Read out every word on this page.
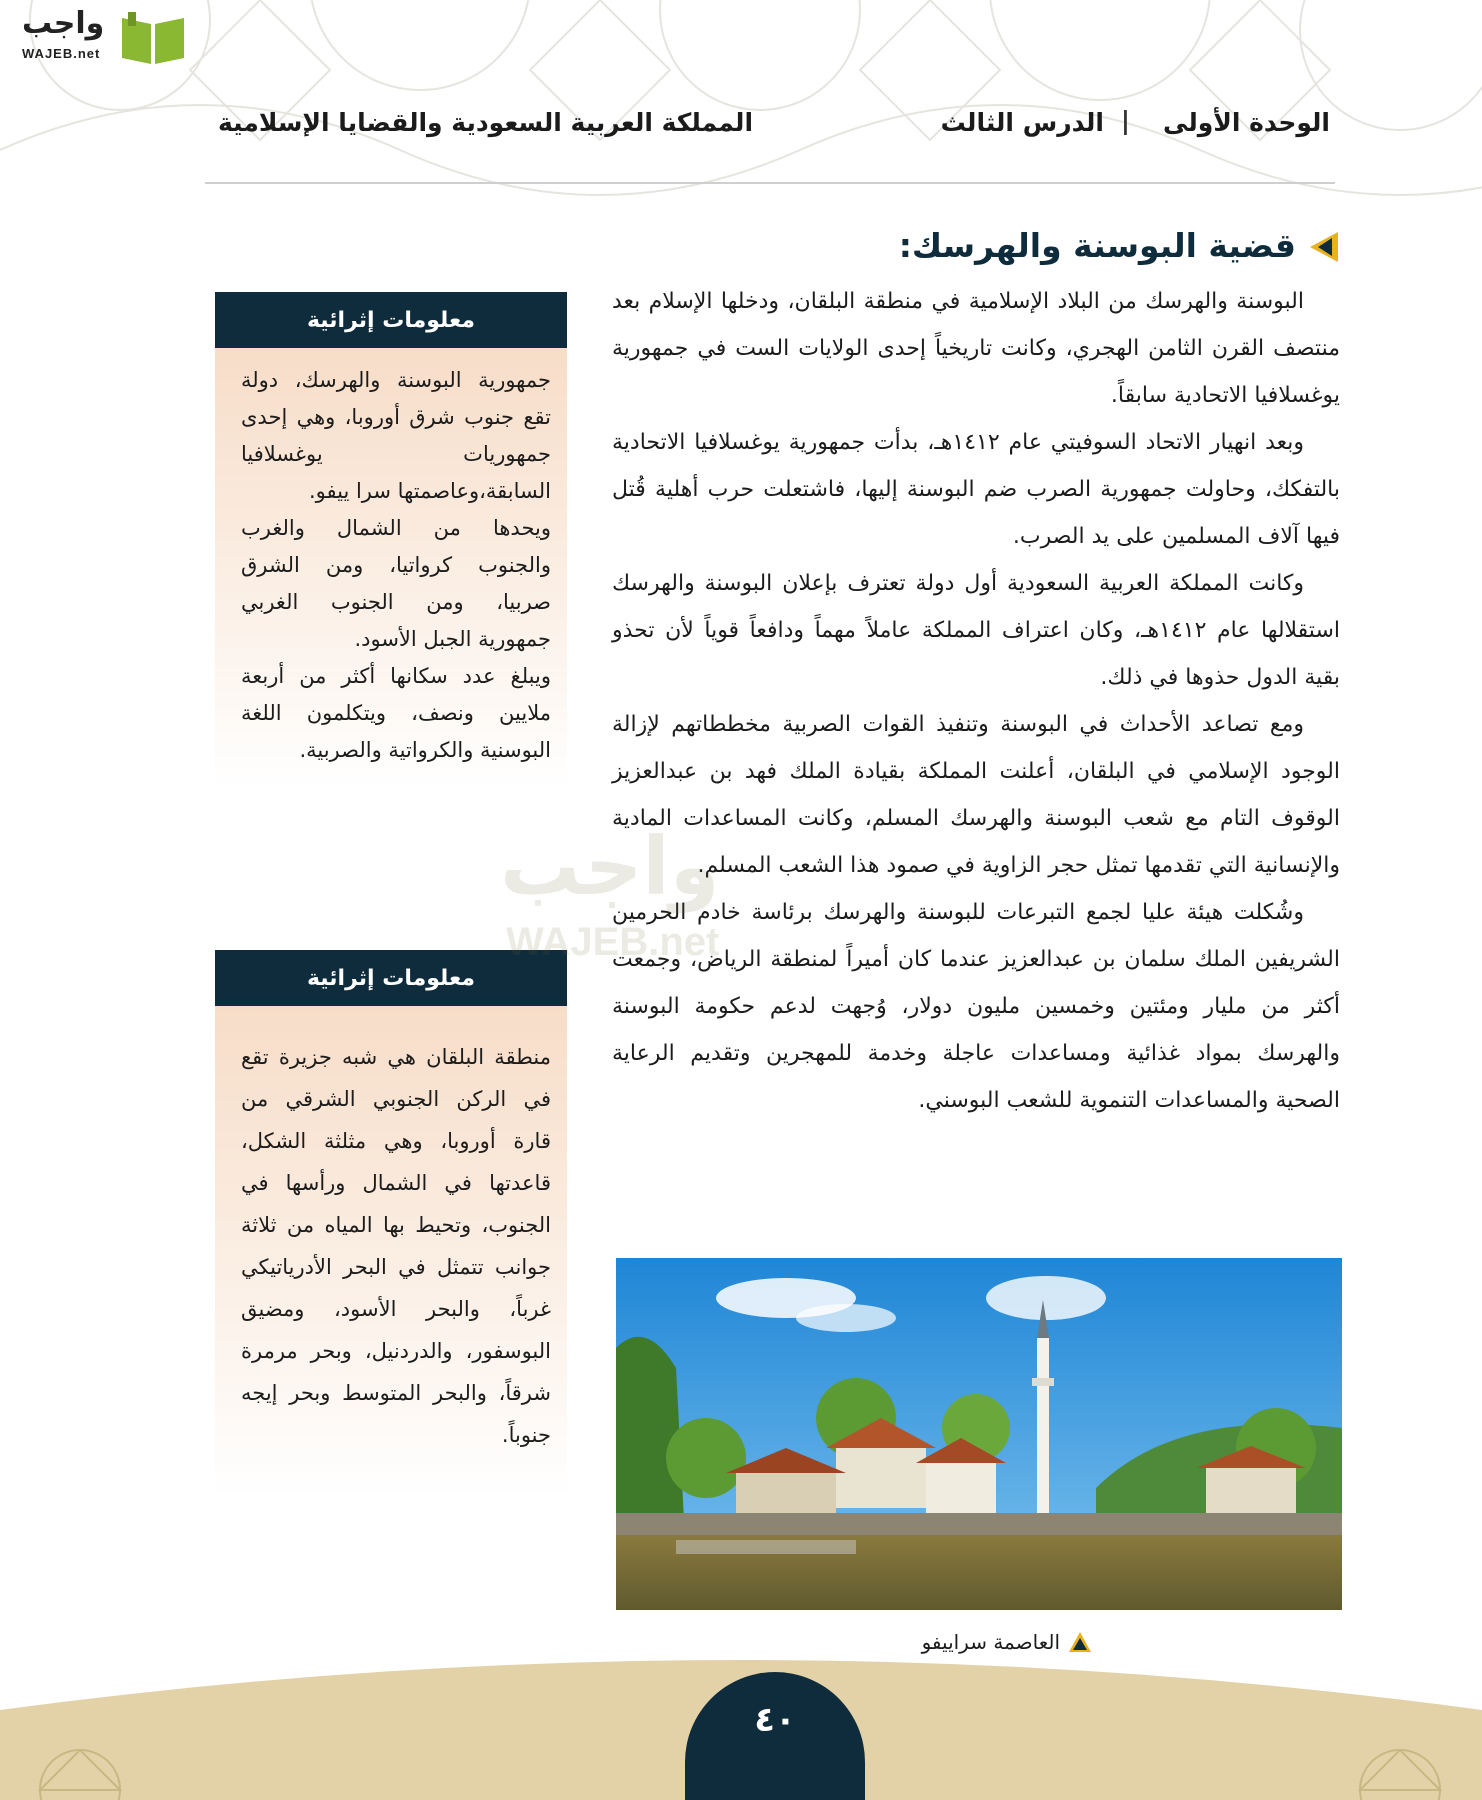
واجب
WAJEB.net
الوحدة الأولى
|
الدرس الثالث
المملكة العربية السعودية والقضايا الإسلامية
قضية البوسنة والهرسك:

البوسنة والهرسك من البلاد الإسلامية في منطقة البلقان، ودخلها الإسلام بعد منتصف القرن الثامن الهجري، وكانت تاريخياً إحدى الولايات الست في جمهورية يوغسلافيا الاتحادية سابقاً.

وبعد انهيار الاتحاد السوفيتي عام ١٤١٢هـ، بدأت جمهورية يوغسلافيا الاتحادية بالتفكك، وحاولت جمهورية الصرب ضم البوسنة إليها، فاشتعلت حرب أهلية قُتل فيها آلاف المسلمين على يد الصرب.

وكانت المملكة العربية السعودية أول دولة تعترف بإعلان البوسنة والهرسك استقلالها عام ١٤١٢هـ، وكان اعتراف المملكة عاملاً مهماً ودافعاً قوياً لأن تحذو بقية الدول حذوها في ذلك.

ومع تصاعد الأحداث في البوسنة وتنفيذ القوات الصربية مخططاتهم لإزالة الوجود الإسلامي في البلقان، أعلنت المملكة بقيادة الملك فهد بن عبدالعزيز الوقوف التام مع شعب البوسنة والهرسك المسلم، وكانت المساعدات المادية والإنسانية التي تقدمها تمثل حجر الزاوية في صمود هذا الشعب المسلم.

وشُكلت هيئة عليا لجمع التبرعات للبوسنة والهرسك برئاسة خادم الحرمين الشريفين الملك سلمان بن عبدالعزيز عندما كان أميراً لمنطقة الرياض، وجمعت أكثر من مليار ومئتين وخمسين مليون دولار، وُجهت لدعم حكومة البوسنة والهرسك بمواد غذائية ومساعدات عاجلة وخدمة للمهجرين وتقديم الرعاية الصحية والمساعدات التنموية للشعب البوسني.

معلومات إثرائية

جمهورية البوسنة والهرسك، دولة تقع جنوب شرق أوروبا، وهي إحدى جمهوريات يوغسلافيا السابقة،وعاصمتها سرا ييفو.

ويحدها من الشمال والغرب والجنوب كرواتيا، ومن الشرق صربيا، ومن الجنوب الغربي جمهورية الجبل الأسود.

ويبلغ عدد سكانها أكثر من أربعة ملايين ونصف، ويتكلمون اللغة البوسنية والكرواتية والصربية.

معلومات إثرائية

منطقة البلقان هي شبه جزيرة تقع في الركن الجنوبي الشرقي من قارة أوروبا، وهي مثلثة الشكل، قاعدتها في الشمال ورأسها في الجنوب، وتحيط بها المياه من ثلاثة جوانب تتمثل في البحر الأدرياتيكي غرباً، والبحر الأسود، ومضيق البوسفور، والدردنيل، وبحر مرمرة شرقاً، والبحر المتوسط وبحر إيجه جنوباً.

واجب
WAJEB.net
العاصمة سراييفو
٤٠
